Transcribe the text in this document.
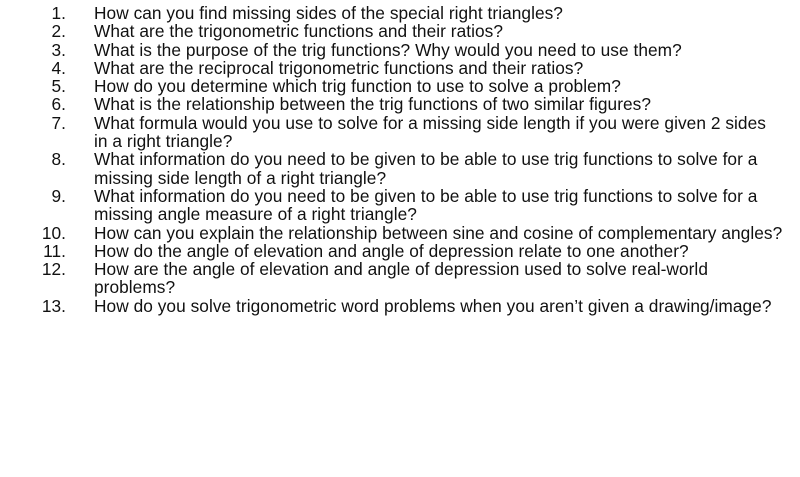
1. How can you find missing sides of the special right triangles?
2. What are the trigonometric functions and their ratios?
3. What is the purpose of the trig functions? Why would you need to use them?
4. What are the reciprocal trigonometric functions and their ratios?
5. How do you determine which trig function to use to solve a problem?
6. What is the relationship between the trig functions of two similar figures?
7. What formula would you use to solve for a missing side length if you were given 2 sides in a right triangle?
8. What information do you need to be given to be able to use trig functions to solve for a missing side length of a right triangle?
9. What information do you need to be given to be able to use trig functions to solve for a missing angle measure of a right triangle?
10. How can you explain the relationship between sine and cosine of complementary angles?
11. How do the angle of elevation and angle of depression relate to one another?
12. How are the angle of elevation and angle of depression used to solve real-world problems?
13. How do you solve trigonometric word problems when you aren’t given a drawing/image?
